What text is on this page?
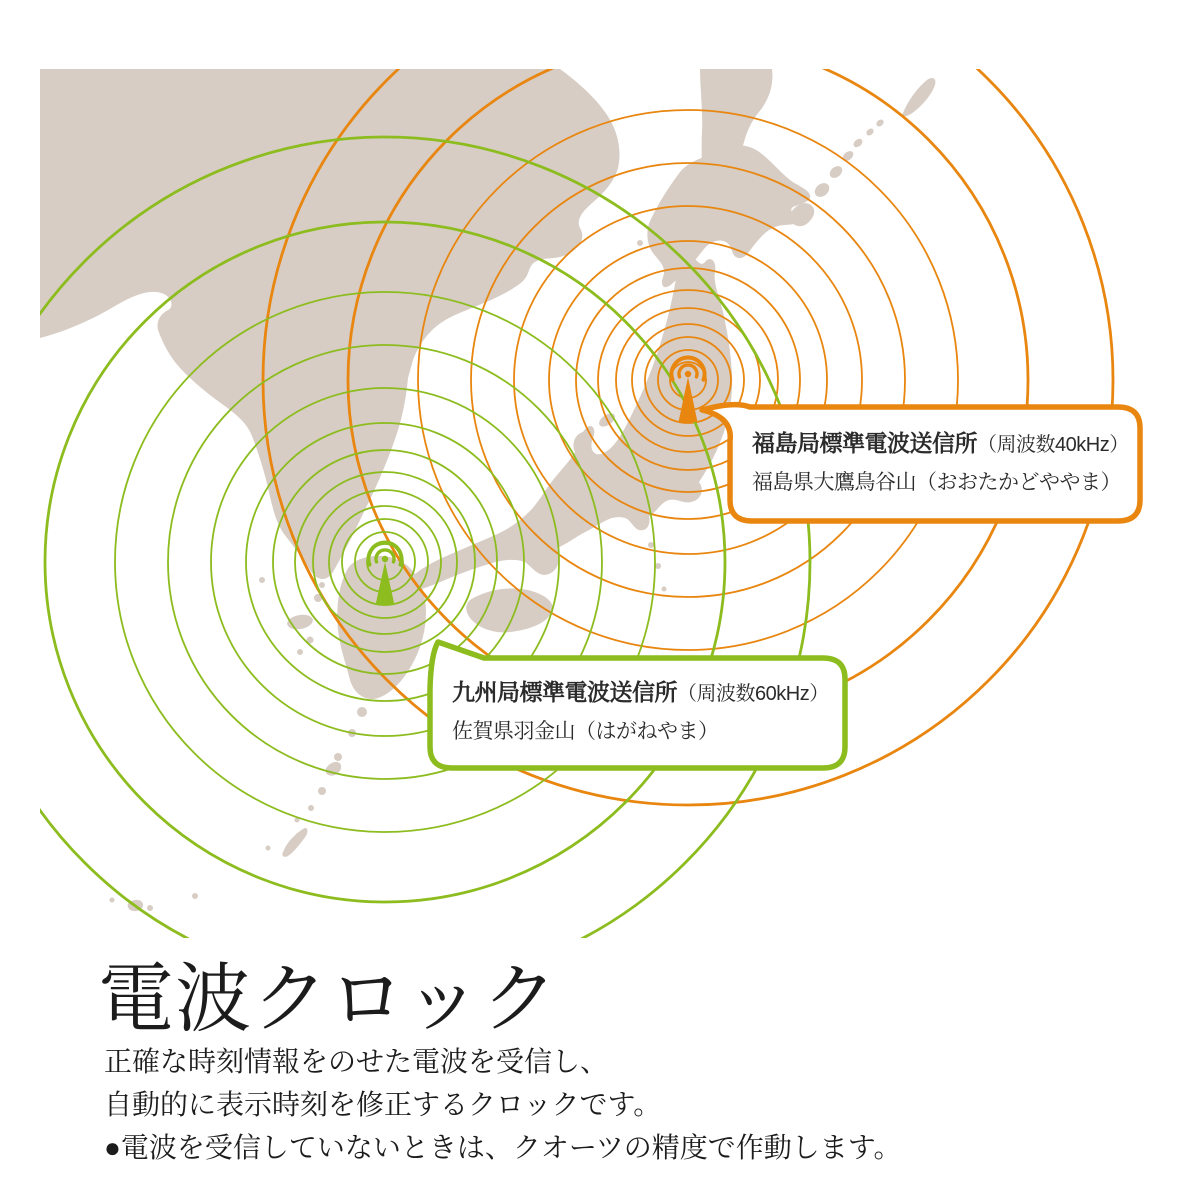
福島局標準電波送信所（周波数40kHz）
福島県大鷹鳥谷山（おおたかどややま）
九州局標準電波送信所（周波数60kHz）
佐賀県羽金山（はがねやま）
電波クロック
正確な時刻情報をのせた電波を受信し、
自動的に表示時刻を修正するクロックです。
●電波を受信していないときは、クオーツの精度で作動します。
